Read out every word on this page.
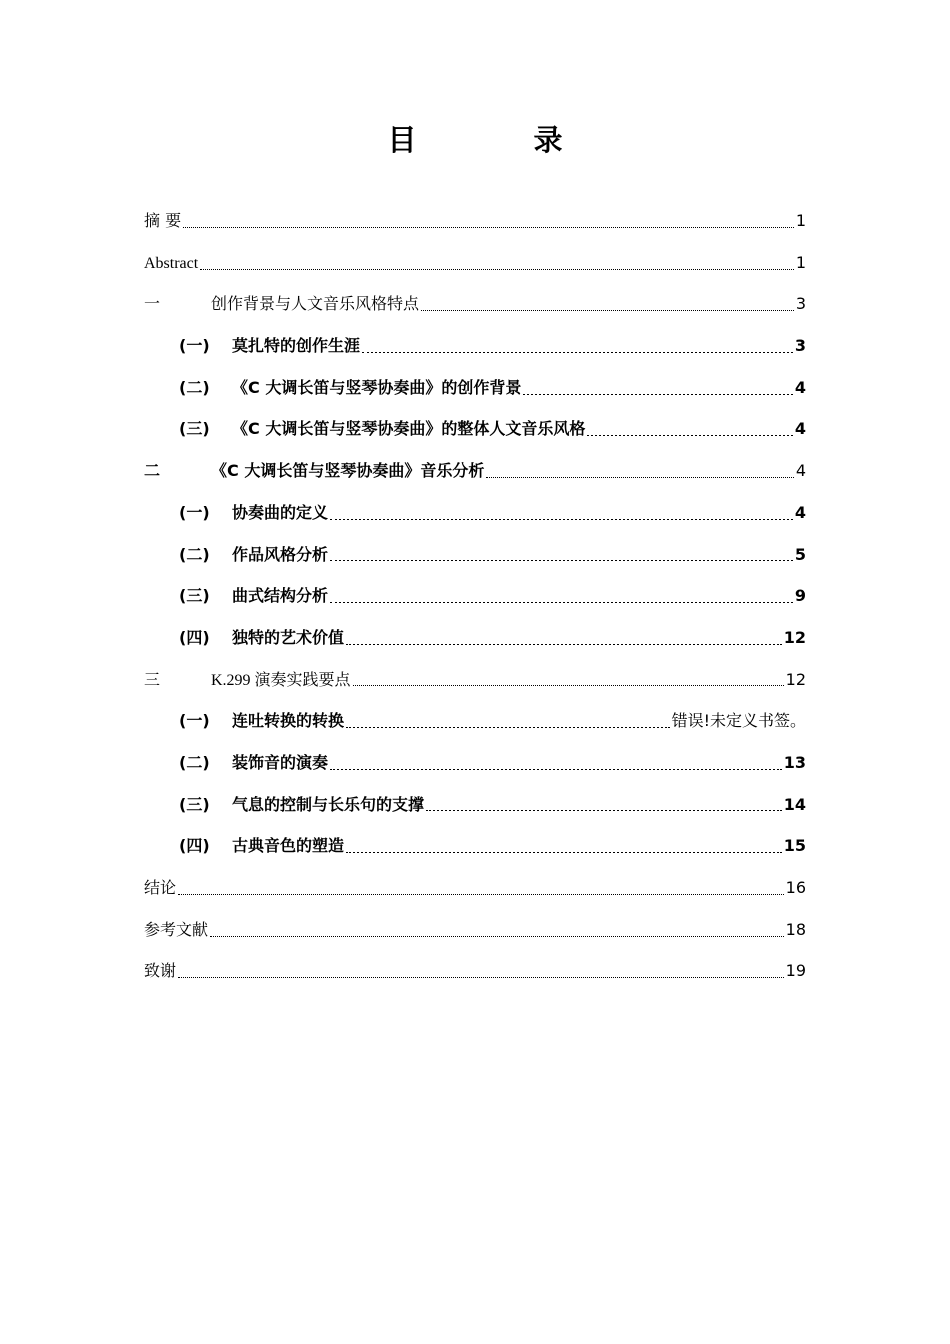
目　录
摘 要	1
Abstract	1
一	创作背景与人文音乐风格特点	3
(一)	莫扎特的创作生涯	3
(二)	《C 大调长笛与竖琴协奏曲》的创作背景	4
(三)	《C 大调长笛与竖琴协奏曲》的整体人文音乐风格	4
二	《C 大调长笛与竖琴协奏曲》音乐分析	4
(一)	协奏曲的定义	4
(二)	作品风格分析	5
(三)	曲式结构分析	9
(四)	独特的艺术价值	12
三	K.299 演奏实践要点	12
(一)	连吐转换的转换	错误!未定义书签。
(二)	装饰音的演奏	13
(三)	气息的控制与长乐句的支撑	14
(四)	古典音色的塑造	15
结论	16
参考文献	18
致谢	19
